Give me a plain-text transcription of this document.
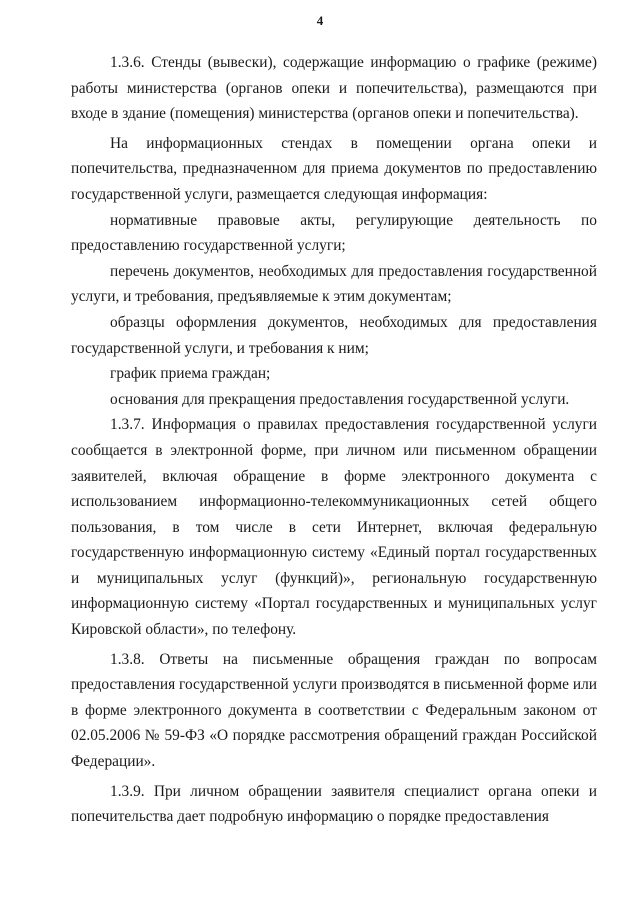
4

1.3.6. Стенды (вывески), содержащие информацию о графике (режиме) работы министерства (органов опеки и попечительства), размещаются при входе в здание (помещения) министерства (органов опеки и попечительства).

На информационных стендах в помещении органа опеки и попечительства, предназначенном для приема документов по предоставлению государственной услуги, размещается следующая информация:

нормативные правовые акты, регулирующие деятельность по предоставлению государственной услуги;

перечень документов, необходимых для предоставления государственной услуги, и требования, предъявляемые к этим документам;

образцы оформления документов, необходимых для предоставления государственной услуги, и требования к ним;

график приема граждан;

основания для прекращения предоставления государственной услуги.

1.3.7. Информация о правилах предоставления государственной услуги сообщается в электронной форме, при личном или письменном обращении заявителей, включая обращение в форме электронного документа с использованием информационно-телекоммуникационных сетей общего пользования, в том числе в сети Интернет, включая федеральную государственную информационную систему «Единый портал государственных и муниципальных услуг (функций)», региональную государственную информационную систему «Портал государственных и муниципальных услуг Кировской области», по телефону.

1.3.8. Ответы на письменные обращения граждан по вопросам предоставления государственной услуги производятся в письменной форме или в форме электронного документа в соответствии с Федеральным законом от 02.05.2006 № 59-ФЗ «О порядке рассмотрения обращений граждан Российской Федерации».

1.3.9. При личном обращении заявителя специалист органа опеки и попечительства дает подробную информацию о порядке предоставления
